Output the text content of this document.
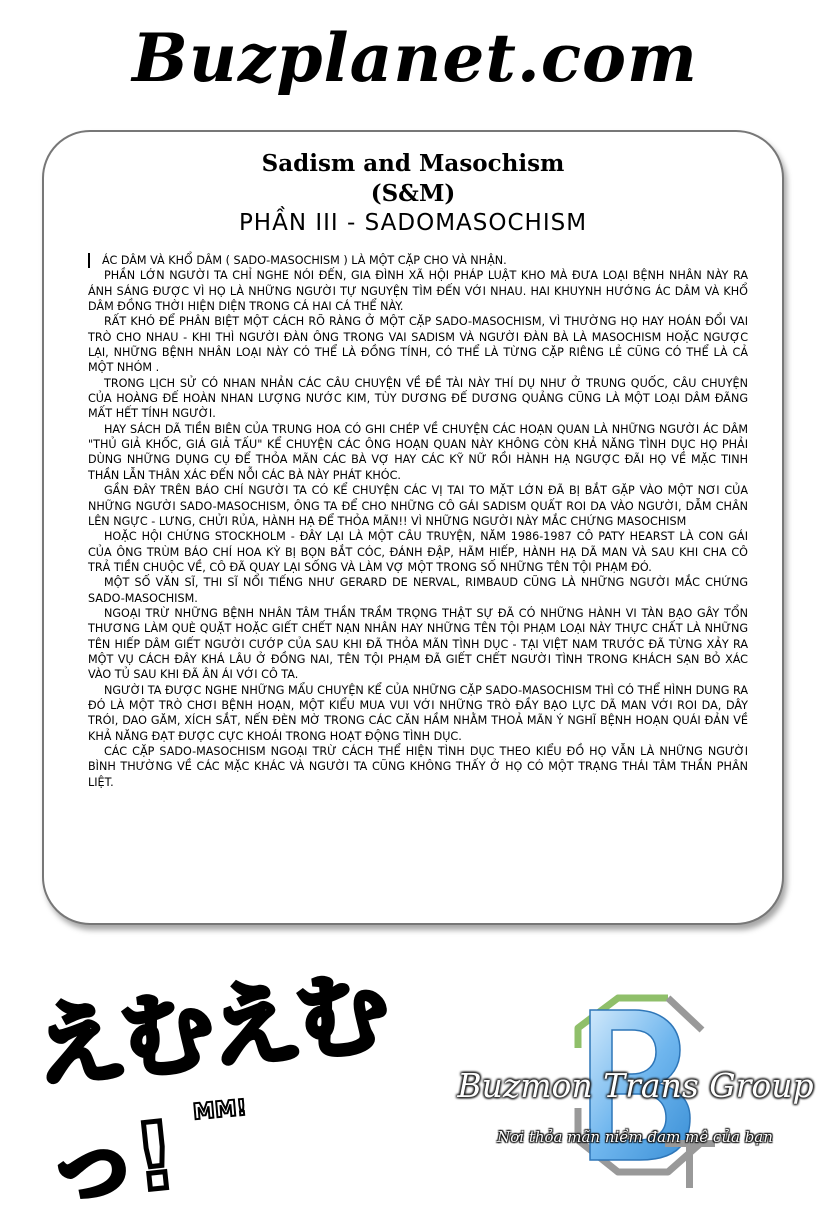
Buzplanet.com
Sadism and Masochism
(S&M)
PHẦN III - SADOMASOCHISM

ÁC DÂM VÀ KHỔ DÂM ( SADO-MASOCHISM ) LÀ MỘT CẶP CHO VÀ NHẬN.

PHẦN LỚN NGƯỜI TA CHỈ NGHE NÓI ĐẾN, GIA ĐÌNH XÃ HỘI PHÁP LUẬT KHO MÀ ĐƯA LOẠI BỆNH NHÂN NÀY RA ÁNH SÁNG ĐƯỢC VÌ HỌ LÀ NHỮNG NGƯỜI TỰ NGUYỆN TÌM ĐẾN VỚI NHAU. HAI KHUYNH HƯỚNG ÁC DÂM VÀ KHỔ DÂM ĐỒNG THỜI HIỆN DIỆN TRONG CÁ HAI CÁ THỂ NÀY.

RẤT KHÓ ĐỂ PHÂN BIỆT MỘT CÁCH RÕ RÀNG Ở MỘT CẶP SADO-MASOCHISM, VÌ THƯỜNG HỌ HAY HOÁN ĐỔI VAI TRÒ CHO NHAU - KHI THÌ NGƯỜI ĐÀN ÔNG TRONG VAI SADISM VÀ NGƯỜI ĐÀN BÀ LÀ MASOCHISM HOẶC NGƯỢC LẠI, NHỮNG BỆNH NHÂN LOẠI NÀY CÓ THỂ LÀ ĐỒNG TÍNH, CÓ THỂ LÀ TỪNG CẶP RIÊNG LẺ CŨNG CÓ THỂ LÀ CẢ MỘT NHÓM .

TRONG LỊCH SỬ CÓ NHAN NHẢN CÁC CÂU CHUYỆN VỀ ĐỀ TÀI NÀY THÍ DỤ NHƯ Ở TRUNG QUỐC, CÂU CHUYỆN CỦA HOÀNG ĐẾ HOÀN NHAN LƯỢNG NƯỚC KIM, TÙY DƯƠNG ĐẾ DƯƠNG QUẢNG CŨNG LÀ MỘT LOẠI DÂM ĐÃNG MẤT HẾT TÍNH NGƯỜI.

HAY SÁCH DÃ TIỀN BIÊN CỦA TRUNG HOA CÓ GHI CHÉP VỀ CHUYỆN CÁC HOẠN QUAN LÀ NHỮNG NGƯỜI ÁC DÂM "THỦ GIẢ KHỐC, GIÁ GIẢ TẤU" KỂ CHUYỆN CÁC ÔNG HOẠN QUAN NÀY KHÔNG CÒN KHẢ NĂNG TÌNH DỤC HỌ PHẢI DÙNG NHỮNG DỤNG CỤ ĐỂ THỎA MÃN CÁC BÀ VỢ HAY CÁC KỸ NỮ RỒI HÀNH HẠ NGƯỢC ĐÃI HỌ VỀ MẶC TINH THẦN LẪN THÂN XÁC ĐẾN NỖI CÁC BÀ NÀY PHÁT KHÓC.

GẦN ĐÂY TRÊN BÁO CHÍ NGƯỜI TA CÓ KỂ CHUYỆN CÁC VỊ TAI TO MẶT LỚN ĐÃ BỊ BẮT GẶP VÀO MỘT NƠI CỦA NHỮNG NGƯỜI SADO-MASOCHISM, ÔNG TA ĐỂ CHO NHỮNG CÔ GÁI SADISM QUẤT ROI DA VÀO NGƯỜI, DẪM CHÂN LÊN NGỰC - LƯNG, CHỬI RỦA, HÀNH HẠ ĐỂ THỎA MÃN!! VÌ NHỮNG NGƯỜI NÀY MẮC CHỨNG MASOCHISM

HOẶC HỘI CHỨNG STOCKHOLM - ĐÂY LẠI LÀ MỘT CÂU TRUYỆN, NĂM 1986-1987 CÔ PATY HEARST LÀ CON GÁI CỦA ÔNG TRÙM BÁO CHÍ HOA KỲ BỊ BỌN BẮT CÓC, ĐÁNH ĐẬP, HÃM HIẾP, HÀNH HẠ DÃ MAN VÀ SAU KHI CHA CÔ TRẢ TIỀN CHUỘC VỀ, CÔ ĐÃ QUAY LẠI SỐNG VÀ LÀM VỢ MỘT TRONG SỐ NHỮNG TÊN TỘI PHẠM ĐÓ.

MỘT SỐ VĂN SĨ, THI SĨ NỔI TIẾNG NHƯ GERARD DE NERVAL, RIMBAUD CŨNG LÀ NHỮNG NGƯỜI MẮC CHỨNG SADO-MASOCHISM.

NGOẠI TRỪ NHỮNG BỆNH NHÂN TÂM THẦN TRẦM TRỌNG THẬT SỰ ĐÃ CÓ NHỮNG HÀNH VI TÀN BẠO GÂY TỔN THƯƠNG LÀM QUÈ QUẶT HOẶC GIẾT CHẾT NẠN NHÂN HAY NHỮNG TÊN TỘI PHẠM LOẠI NÀY THỰC CHẤT LÀ NHỮNG TÊN HIẾP DÂM GIẾT NGƯỜI CƯỚP CỦA SAU KHI ĐÃ THỎA MÃN TÌNH DỤC - TẠI VIỆT NAM TRƯỚC ĐÃ TỪNG XẢY RA MỘT VỤ CÁCH ĐÂY KHÁ LÂU Ở ĐỒNG NAI, TÊN TỘI PHẠM ĐÃ GIẾT CHẾT NGƯỜI TÌNH TRONG KHÁCH SẠN BỎ XÁC VÀO TỦ SAU KHI ĐÃ ÂN ÁI VỚI CÔ TA.

NGƯỜI TA ĐƯỢC NGHE NHỮNG MẨU CHUYỆN KỂ CỦA NHỮNG CẶP SADO-MASOCHISM THÌ CÓ THỂ HÌNH DUNG RA ĐÓ LÀ MỘT TRÒ CHƠI BỆNH HOẠN, MỘT KIỂU MUA VUI VỚI NHỮNG TRÒ ĐẦY BẠO LỰC DÃ MAN VỚI ROI DA, DÂY TRÓI, DAO GĂM, XÍCH SẮT, NẾN ĐÈN MỜ TRONG CÁC CĂN HẦM NHẰM THOẢ MÃN Ý NGHĨ BỆNH HOẠN QUÁI ĐẢN VỀ KHẢ NĂNG ĐẠT ĐƯỢC CỰC KHOÁI TRONG HOẠT ĐỘNG TÌNH DỤC.

CÁC CẶP SADO-MASOCHISM NGOẠI TRỪ CÁCH THỂ HIỆN TÌNH DỤC THEO KIỂU ĐỒ HỌ VẪN LÀ NHỮNG NGƯỜI BÌNH THƯỜNG VỀ CÁC MẶC KHÁC VÀ NGƯỜI TA CŨNG KHÔNG THẤY Ở HỌ CÓ MỘT TRẠNG THÁI TÂM THẦN PHÂN LIỆT.

えむえむっ! MM!
Buzmon Trans Group
Nơi thỏa mãn niềm đam mê của bạn
